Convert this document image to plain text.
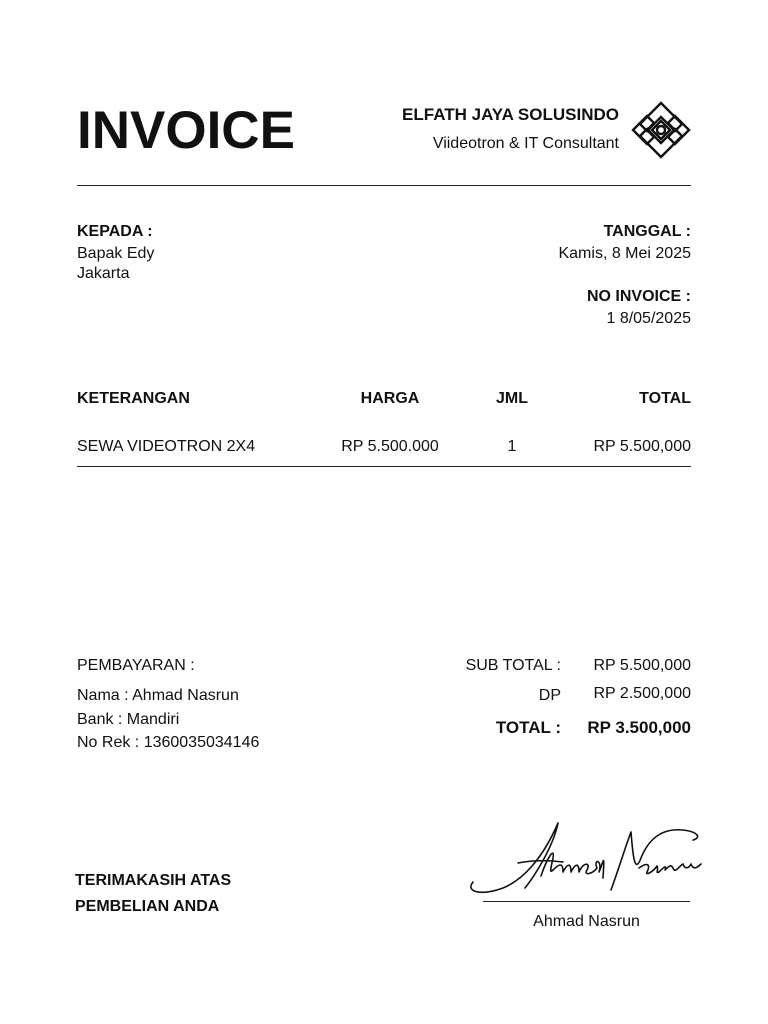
INVOICE	ELFATH JAYA SOLUSINDO
Viideotron & IT Consultant
KEPADA :
Bapak Edy
Jakarta
TANGGAL :
Kamis, 8 Mei 2025
NO INVOICE :
1 8/05/2025
KETERANGAN	HARGA	JML	TOTAL
SEWA VIDEOTRON 2X4	RP 5.500.000	1	RP 5.500,000
PEMBAYARAN :
Nama : Ahmad Nasrun
Bank : Mandiri
No Rek : 1360035034146
SUB TOTAL : RP 5.500,000
DP RP 2.500,000
TOTAL : RP 3.500,000
TERIMAKASIH ATAS
PEMBELIAN ANDA
Ahmad Nasrun
